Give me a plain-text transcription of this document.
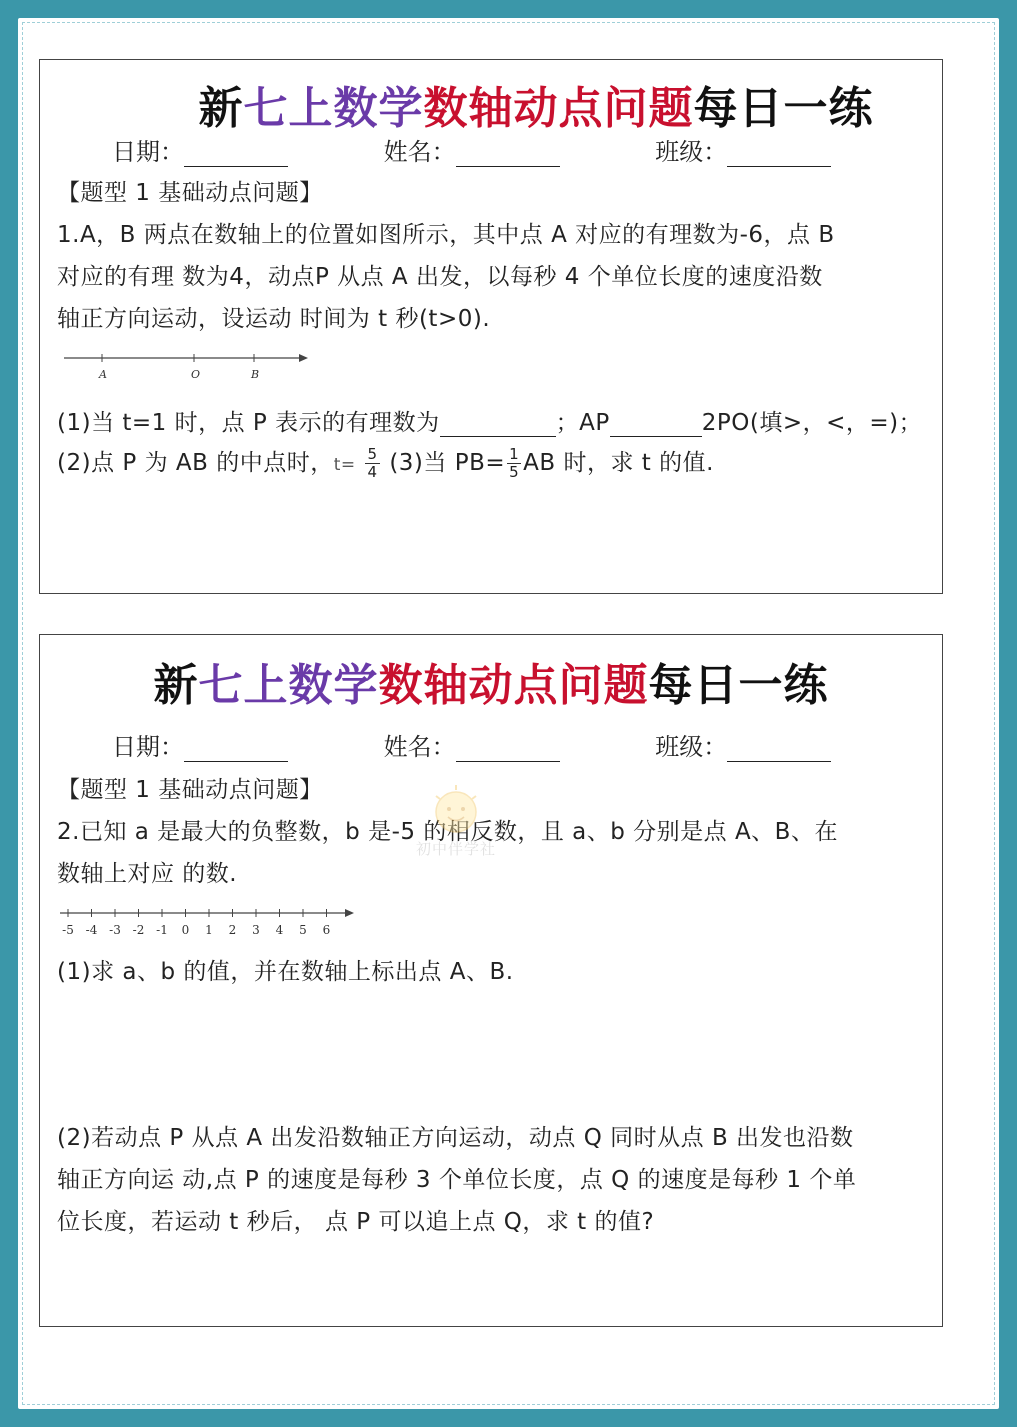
新七上数学数轴动点问题每日一练
日期：	姓名：	班级：
【题型 1 基础动点问题】
1.A，B 两点在数轴上的位置如图所示，其中点 A 对应的有理数为-6，点 B
对应的有理 数为4，动点P 从点 A 出发，以每秒 4 个单位长度的速度沿数
轴正方向运动，设运动 时间为 t 秒(t>0).
A	O	B
(1)当 t=1 时，点 P 表示的有理数为	；AP	2PO(填>，<，=)；
(2)点 P 为 AB 的中点时，$t= \frac{5}{4} (3)$当 $PB= \frac{1}{5}$ AB 时，求 t 的值.
新七上数学数轴动点问题每日一练
日期：	姓名：	班级：
【题型 1 基础动点问题】
2.已知 a 是最大的负整数，b 是-5 的相反数，且 a、b 分别是点 A、B、在
数轴上对应 的数.
-5 -4 -3 -2 -1 0 1 2 3 4 5 6
(1)求 a、b 的值，并在数轴上标出点 A、B.
(2)若动点 P 从点 A 出发沿数轴正方向运动，动点 Q 同时从点 B 出发也沿数
轴正方向运 动,点 P 的速度是每秒 3 个单位长度，点 Q 的速度是每秒 1 个单
位长度，若运动 t 秒后， 点 P 可以追上点 Q，求 t 的值?
初中伴学社
